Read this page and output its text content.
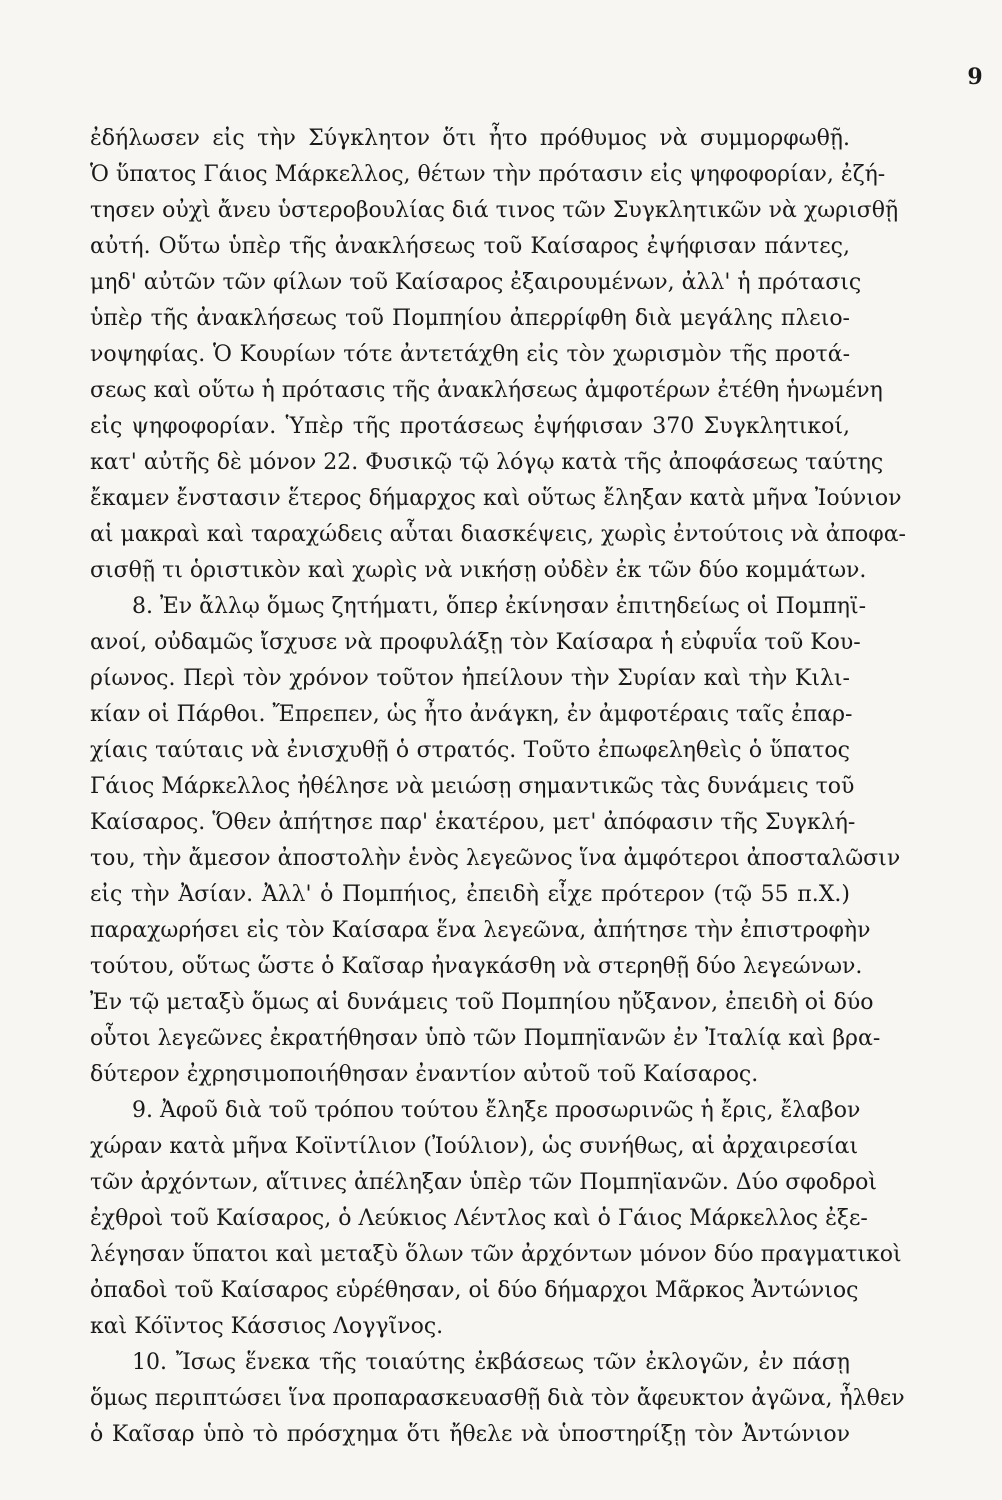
9
ἐδήλωσεν εἰς τὴν Σύγκλητον ὅτι ἦτο πρόθυμος νὰ συμμορφωθῇ.
Ὁ ὕπατος Γάιος Μάρκελλος, θέτων τὴν πρότασιν εἰς ψηφοφορίαν, ἐζή-
τησεν οὐχὶ ἄνευ ὑστεροβουλίας διά τινος τῶν Συγκλητικῶν νὰ χωρισθῇ
αὐτή. Οὕτω ὑπὲρ τῆς ἀνακλήσεως τοῦ Καίσαρος ἐψήφισαν πάντες,
μηδ' αὐτῶν τῶν φίλων τοῦ Καίσαρος ἐξαιρουμένων, ἀλλ' ἡ πρότασις
ὑπὲρ τῆς ἀνακλήσεως τοῦ Πομπηίου ἀπερρίφθη διὰ μεγάλης πλειο-
νοψηφίας. Ὁ Κουρίων τότε ἀντετάχθη εἰς τὸν χωρισμὸν τῆς προτά-
σεως καὶ οὕτω ἡ πρότασις τῆς ἀνακλήσεως ἀμφοτέρων ἐτέθη ἡνωμένη
εἰς ψηφοφορίαν. Ὑπὲρ τῆς προτάσεως ἐψήφισαν 370 Συγκλητικοί,
κατ' αὐτῆς δὲ μόνον 22. Φυσικῷ τῷ λόγῳ κατὰ τῆς ἀποφάσεως ταύτης
ἔκαμεν ἔνστασιν ἕτερος δήμαρχος καὶ οὕτως ἔληξαν κατὰ μῆνα Ἰούνιον
αἱ μακραὶ καὶ ταραχώδεις αὗται διασκέψεις, χωρὶς ἐντούτοις νὰ ἀποφα-
σισθῇ τι ὁριστικὸν καὶ χωρὶς νὰ νικήσῃ οὐδὲν ἐκ τῶν δύο κομμάτων.
8. Ἐν ἄλλῳ ὅμως ζητήματι, ὅπερ ἐκίνησαν ἐπιτηδείως οἱ Πομπηϊ-
ανοί, οὐδαμῶς ἴσχυσε νὰ προφυλάξῃ τὸν Καίσαρα ἡ εὐφυΐα τοῦ Κου-
ρίωνος. Περὶ τὸν χρόνον τοῦτον ἠπείλουν τὴν Συρίαν καὶ τὴν Κιλι-
κίαν οἱ Πάρθοι. Ἔπρεπεν, ὡς ἦτο ἀνάγκη, ἐν ἀμφοτέραις ταῖς ἐπαρ-
χίαις ταύταις νὰ ἐνισχυθῇ ὁ στρατός. Τοῦτο ἐπωφεληθεὶς ὁ ὕπατος
Γάιος Μάρκελλος ἠθέλησε νὰ μειώσῃ σημαντικῶς τὰς δυνάμεις τοῦ
Καίσαρος. Ὅθεν ἀπήτησε παρ' ἑκατέρου, μετ' ἀπόφασιν τῆς Συγκλή-
του, τὴν ἄμεσον ἀποστολὴν ἑνὸς λεγεῶνος ἵνα ἀμφότεροι ἀποσταλῶσιν
εἰς τὴν Ἀσίαν. Ἀλλ' ὁ Πομπήιος, ἐπειδὴ εἶχε πρότερον (τῷ 55 π.Χ.)
παραχωρήσει εἰς τὸν Καίσαρα ἕνα λεγεῶνα, ἀπήτησε τὴν ἐπιστροφὴν
τούτου, οὕτως ὥστε ὁ Καῖσαρ ἠναγκάσθη νὰ στερηθῇ δύο λεγεώνων.
Ἐν τῷ μεταξὺ ὅμως αἱ δυνάμεις τοῦ Πομπηίου ηὔξανον, ἐπειδὴ οἱ δύο
οὗτοι λεγεῶνες ἐκρατήθησαν ὑπὸ τῶν Πομπηϊανῶν ἐν Ἰταλίᾳ καὶ βρα-
δύτερον ἐχρησιμοποιήθησαν ἐναντίον αὐτοῦ τοῦ Καίσαρος.
9. Ἀφοῦ διὰ τοῦ τρόπου τούτου ἔληξε προσωρινῶς ἡ ἔρις, ἔλαβον
χώραν κατὰ μῆνα Κοϊντίλιον (Ἰούλιον), ὡς συνήθως, αἱ ἀρχαιρεσίαι
τῶν ἀρχόντων, αἵτινες ἀπέληξαν ὑπὲρ τῶν Πομπηϊανῶν. Δύο σφοδροὶ
ἐχθροὶ τοῦ Καίσαρος, ὁ Λεύκιος Λέντλος καὶ ὁ Γάιος Μάρκελλος ἐξε-
λέγησαν ὕπατοι καὶ μεταξὺ ὅλων τῶν ἀρχόντων μόνον δύο πραγματικοὶ
ὀπαδοὶ τοῦ Καίσαρος εὑρέθησαν, οἱ δύο δήμαρχοι Μᾶρκος Ἀντώνιος
καὶ Κόϊντος Κάσσιος Λογγῖνος.
10. Ἴσως ἕνεκα τῆς τοιαύτης ἐκβάσεως τῶν ἐκλογῶν, ἐν πάσῃ
ὅμως περιπτώσει ἵνα προπαρασκευασθῇ διὰ τὸν ἄφευκτον ἀγῶνα, ἦλθεν
ὁ Καῖσαρ ὑπὸ τὸ πρόσχημα ὅτι ἤθελε νὰ ὑποστηρίξῃ τὸν Ἀντώνιον
